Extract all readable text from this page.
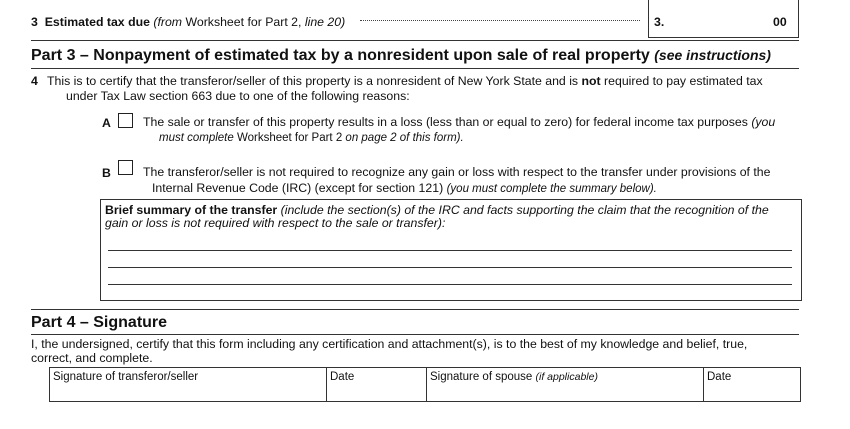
3 Estimated tax due (from Worksheet for Part 2, line 20)	3.	00
Part 3 – Nonpayment of estimated tax by a nonresident upon sale of real property (see instructions)
4 This is to certify that the transferor/seller of this property is a nonresident of New York State and is not required to pay estimated tax
under Tax Law section 663 due to one of the following reasons:
A	The sale or transfer of this property results in a loss (less than or equal to zero) for federal income tax purposes (you
must complete Worksheet for Part 2 on page 2 of this form).
B	The transferor/seller is not required to recognize any gain or loss with respect to the transfer under provisions of the
Internal Revenue Code (IRC) (except for section 121) (you must complete the summary below).
Brief summary of the transfer (include the section(s) of the IRC and facts supporting the claim that the recognition of the
gain or loss is not required with respect to the sale or transfer):
Part 4 – Signature
I, the undersigned, certify that this form including any certification and attachment(s), is to the best of my knowledge and belief, true,
correct, and complete.
Signature of transferor/seller	Date	Signature of spouse (if applicable)	Date
